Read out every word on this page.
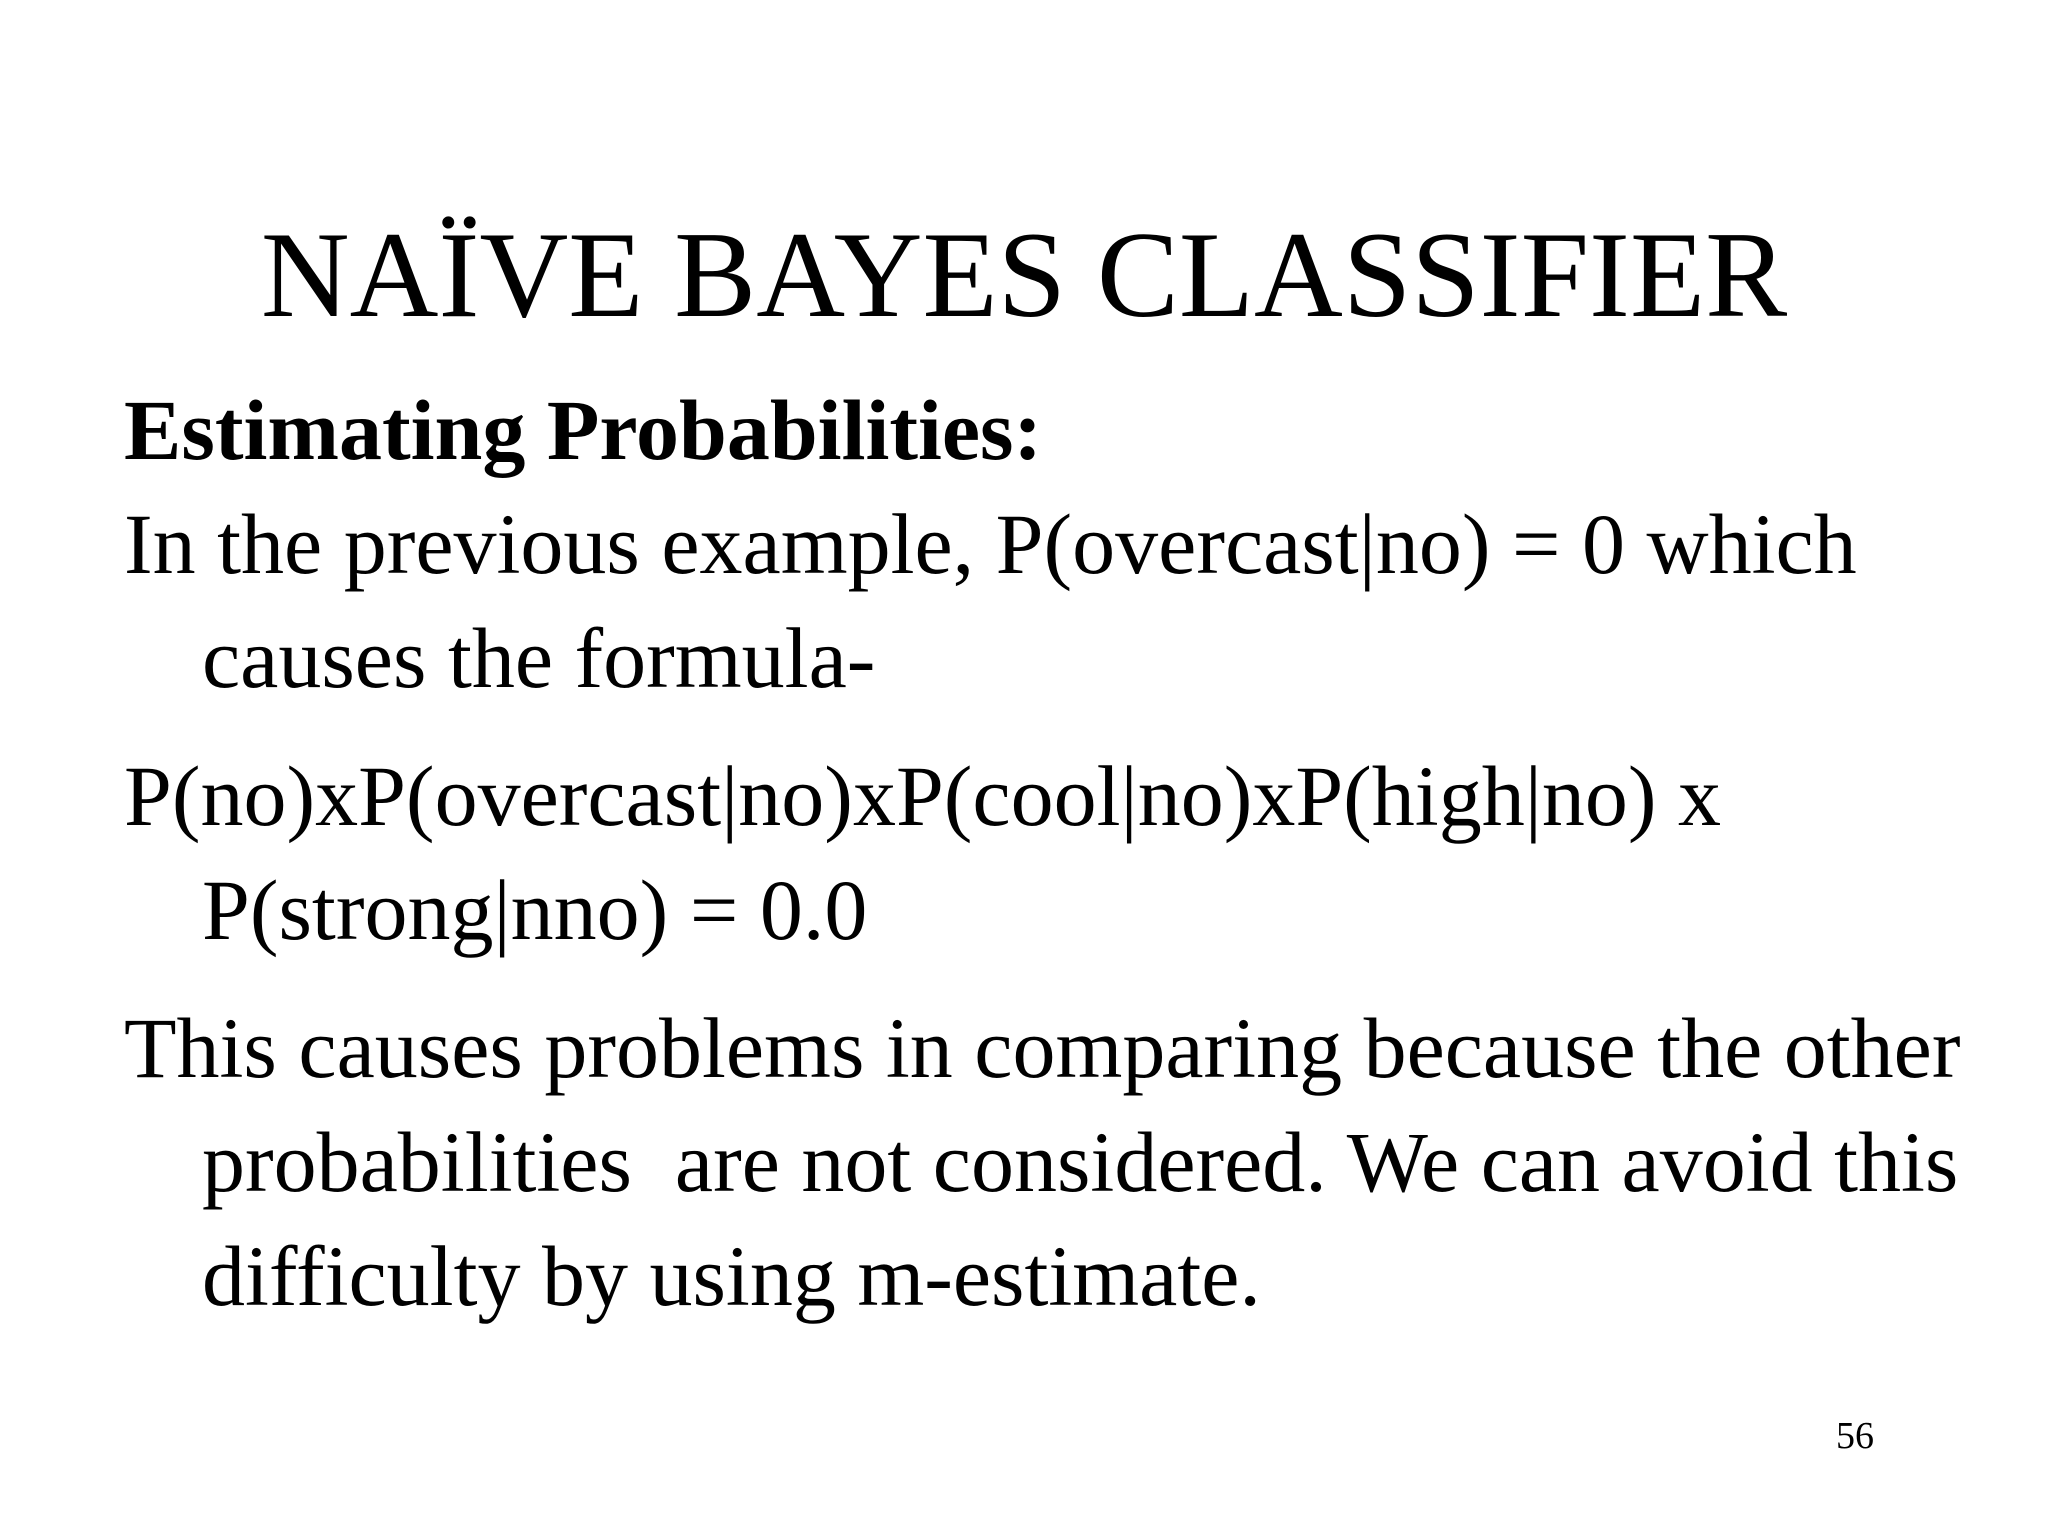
NAÏVE BAYES CLASSIFIER
Estimating Probabilities:
In the previous example, P(overcast|no) = 0 which causes the formula-
P(no)xP(overcast|no)xP(cool|no)xP(high|no) x P(strong|nno) = 0.0
This causes problems in comparing because the other probabilities  are not considered. We can avoid this difficulty by using m-estimate.
56
